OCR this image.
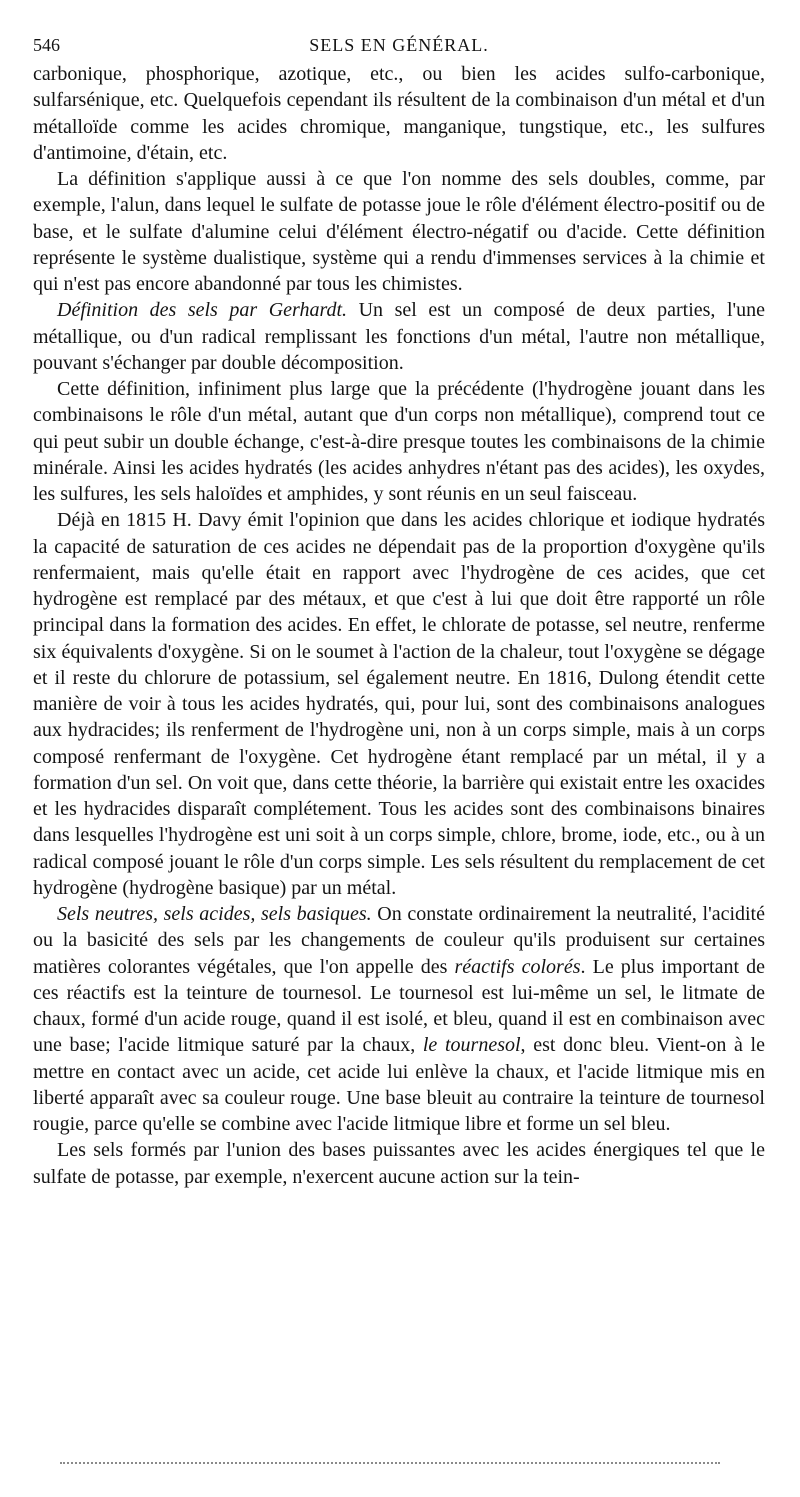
546	SELS EN GÉNÉRAL.

carbonique, phosphorique, azotique, etc., ou bien les acides sulfo-carbonique, sulfarsénique, etc. Quelquefois cependant ils résultent de la combinaison d'un métal et d'un métalloïde comme les acides chromique, manganique, tungstique, etc., les sulfures d'antimoine, d'étain, etc.

La définition s'applique aussi à ce que l'on nomme des sels doubles, comme, par exemple, l'alun, dans lequel le sulfate de potasse joue le rôle d'élément électro-positif ou de base, et le sulfate d'alumine celui d'élément électro-négatif ou d'acide. Cette définition représente le système dualistique, système qui a rendu d'immenses services à la chimie et qui n'est pas encore abandonné par tous les chimistes.

Définition des sels par Gerhardt. Un sel est un composé de deux parties, l'une métallique, ou d'un radical remplissant les fonctions d'un métal, l'autre non métallique, pouvant s'échanger par double décomposition.

Cette définition, infiniment plus large que la précédente (l'hydrogène jouant dans les combinaisons le rôle d'un métal, autant que d'un corps non métallique), comprend tout ce qui peut subir un double échange, c'est-à-dire presque toutes les combinaisons de la chimie minérale. Ainsi les acides hydratés (les acides anhydres n'étant pas des acides), les oxydes, les sulfures, les sels haloïdes et amphides, y sont réunis en un seul faisceau.

Déjà en 1815 H. Davy émit l'opinion que dans les acides chlorique et iodique hydratés la capacité de saturation de ces acides ne dépendait pas de la proportion d'oxygène qu'ils renfermaient, mais qu'elle était en rapport avec l'hydrogène de ces acides, que cet hydrogène est remplacé par des métaux, et que c'est à lui que doit être rapporté un rôle principal dans la formation des acides. En effet, le chlorate de potasse, sel neutre, renferme six équivalents d'oxygène. Si on le soumet à l'action de la chaleur, tout l'oxygène se dégage et il reste du chlorure de potassium, sel également neutre. En 1816, Dulong étendit cette manière de voir à tous les acides hydratés, qui, pour lui, sont des combinaisons analogues aux hydracides; ils renferment de l'hydrogène uni, non à un corps simple, mais à un corps composé renfermant de l'oxygène. Cet hydrogène étant remplacé par un métal, il y a formation d'un sel. On voit que, dans cette théorie, la barrière qui existait entre les oxacides et les hydracides disparaît complétement. Tous les acides sont des combinaisons binaires dans lesquelles l'hydrogène est uni soit à un corps simple, chlore, brome, iode, etc., ou à un radical composé jouant le rôle d'un corps simple. Les sels résultent du remplacement de cet hydrogène (hydrogène basique) par un métal.

Sels neutres, sels acides, sels basiques. On constate ordinairement la neutralité, l'acidité ou la basicité des sels par les changements de couleur qu'ils produisent sur certaines matières colorantes végétales, que l'on appelle des réactifs colorés. Le plus important de ces réactifs est la teinture de tournesol. Le tournesol est lui-même un sel, le litmate de chaux, formé d'un acide rouge, quand il est isolé, et bleu, quand il est en combinaison avec une base; l'acide litmique saturé par la chaux, le tournesol, est donc bleu. Vient-on à le mettre en contact avec un acide, cet acide lui enlève la chaux, et l'acide litmique mis en liberté apparaît avec sa couleur rouge. Une base bleuit au contraire la teinture de tournesol rougie, parce qu'elle se combine avec l'acide litmique libre et forme un sel bleu.

Les sels formés par l'union des bases puissantes avec les acides énergiques tel que le sulfate de potasse, par exemple, n'exercent aucune action sur la tein-
